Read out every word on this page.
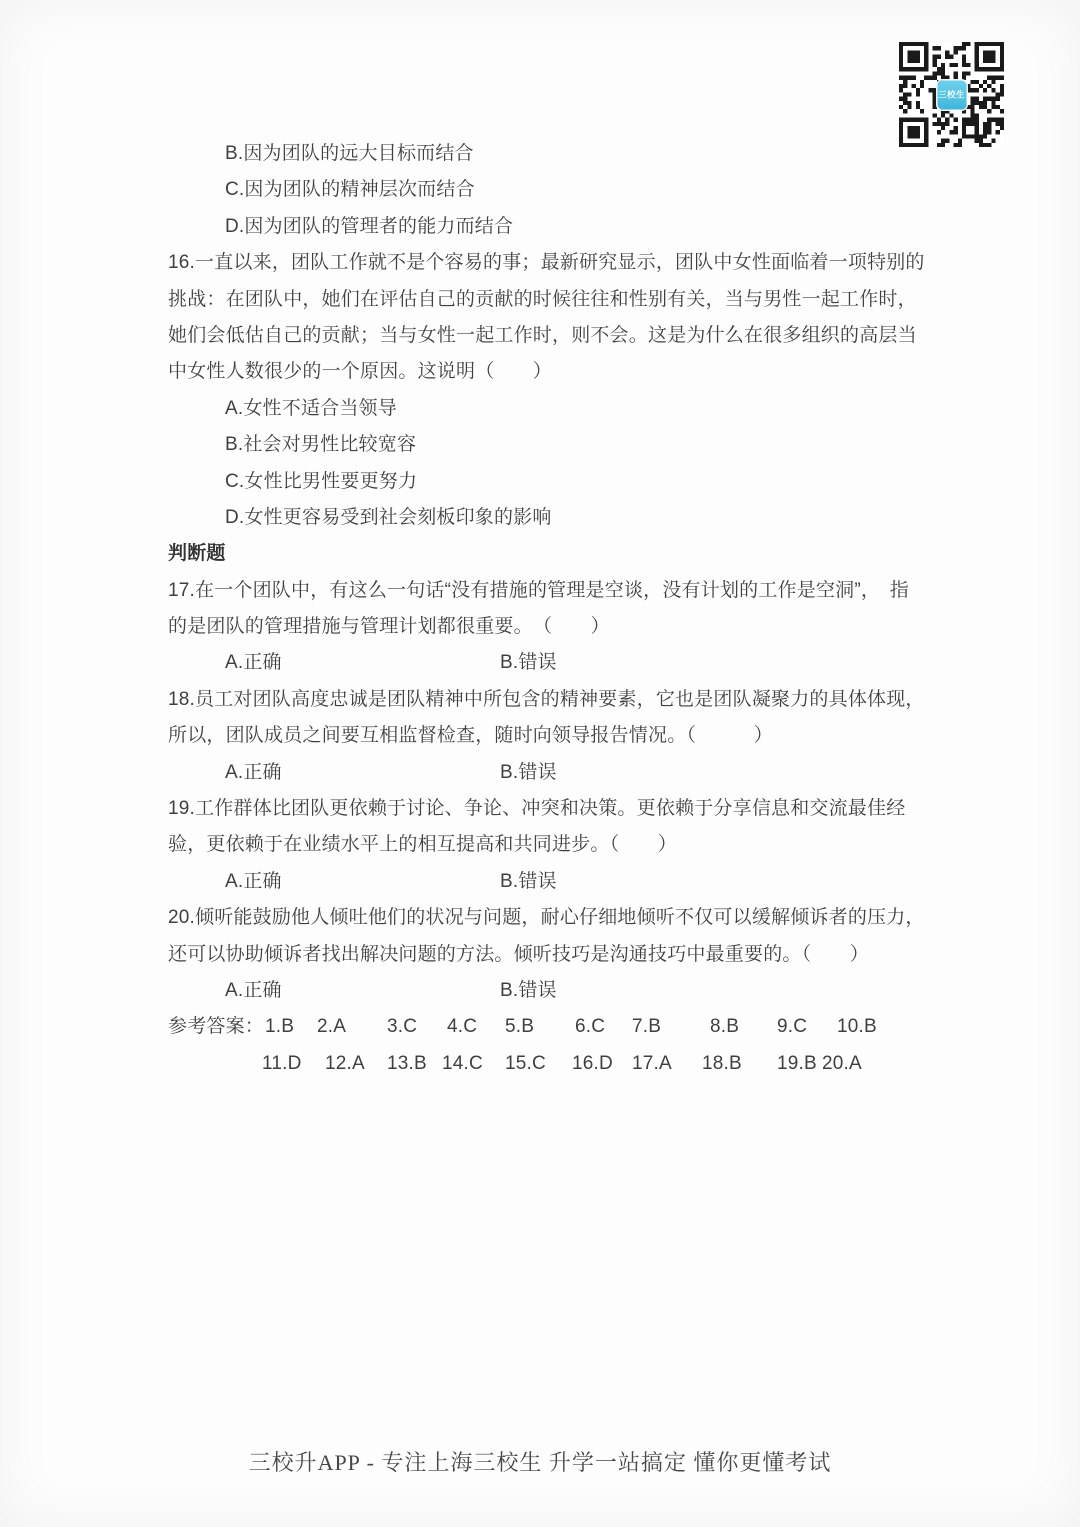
三校生
B.因为团队的远大目标而结合
C.因为团队的精神层次而结合
D.因为团队的管理者的能力而结合
16.一直以来，团队工作就不是个容易的事；最新研究显示，团队中女性面临着一项特别的
挑战：在团队中，她们在评估自己的贡献的时候往往和性别有关，当与男性一起工作时，
她们会低估自己的贡献；当与女性一起工作时，则不会。这是为什么在很多组织的高层当
中女性人数很少的一个原因。这说明（　　）
A.女性不适合当领导
B.社会对男性比较宽容
C.女性比男性要更努力
D.女性更容易受到社会刻板印象的影响
判断题
17.在一个团队中，有这么一句话“没有措施的管理是空谈，没有计划的工作是空洞”，　指
的是团队的管理措施与管理计划都很重要。　（　　）
A.正确	B.错误
18.员工对团队高度忠诚是团队精神中所包含的精神要素，它也是团队凝聚力的具体体现，
所以，团队成员之间要互相监督检查，随时向领导报告情况。（　　　）
A.正确	B.错误
19.工作群体比团队更依赖于讨论、争论、冲突和决策。更依赖于分享信息和交流最佳经
验，更依赖于在业绩水平上的相互提高和共同进步。（　　）
A.正确	B.错误
20.倾听能鼓励他人倾吐他们的状况与问题，耐心仔细地倾听不仅可以缓解倾诉者的压力，
还可以协助倾诉者找出解决问题的方法。倾听技巧是沟通技巧中最重要的。（　　）
A.正确	B.错误
参考答案： 1.B 2.A 3.C 4.C 5.B 6.C 7.B	8.B 9.C 10.B
11.D 12.A 13.B 14.C 15.C 16.D 17.A 18.B 19.B 20.A
三校升APP - 专注上海三校生 升学一站搞定 懂你更懂考试
